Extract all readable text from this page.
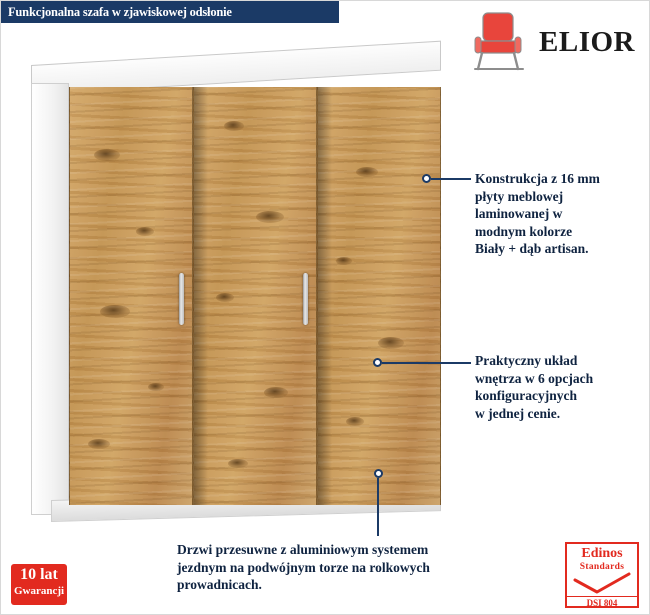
Funkcjonalna szafa w zjawiskowej odsłonie
ELIOR
Konstrukcja z 16 mm
płyty meblowej
laminowanej w
modnym kolorze
Biały + dąb artisan.
Praktyczny układ
wnętrza w 6 opcjach
konfiguracyjnych
w jednej cenie.
Drzwi przesuwne z aluminiowym systemem
jezdnym na podwójnym torze na rolkowych
prowadnicach.
10 lat
Gwarancji
Edinos
Standards
DSI 804
